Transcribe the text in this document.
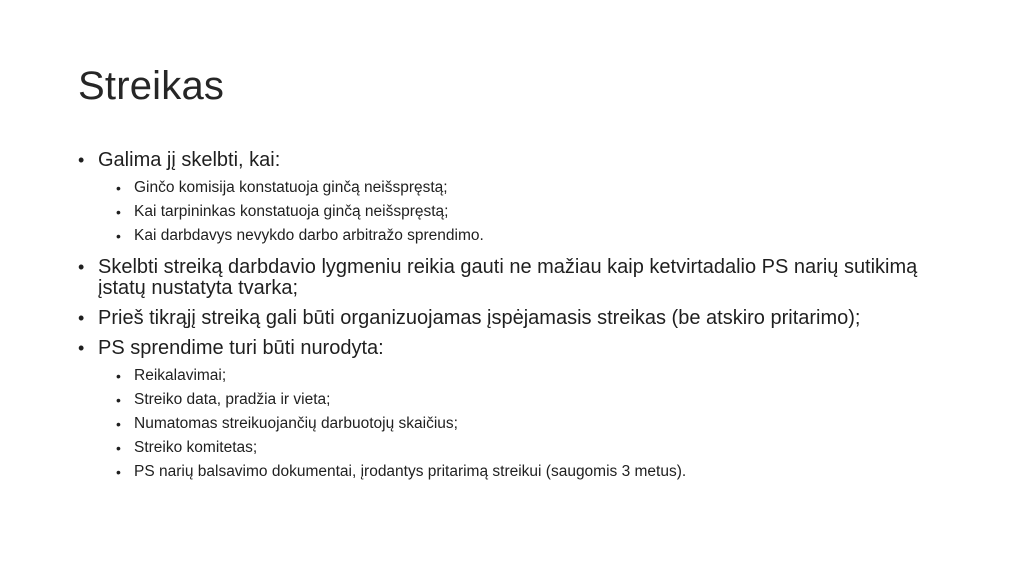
Streikas
• Galima jį skelbti, kai:
• Ginčo komisija konstatuoja ginčą neišspręstą;
• Kai tarpininkas konstatuoja ginčą neišspręstą;
• Kai darbdavys nevykdo darbo arbitražo sprendimo.
• Skelbti streiką darbdavio lygmeniu reikia gauti ne mažiau kaip ketvirtadalio PS narių sutikimą įstatų nustatyta tvarka;
• Prieš tikrąjį streiką gali būti organizuojamas įspėjamasis streikas (be atskiro pritarimo);
• PS sprendime turi būti nurodyta:
• Reikalavimai;
• Streiko data, pradžia ir vieta;
• Numatomas streikuojančių darbuotojų skaičius;
• Streiko komitetas;
• PS narių balsavimo dokumentai, įrodantys pritarimą streikui (saugomis 3 metus).
